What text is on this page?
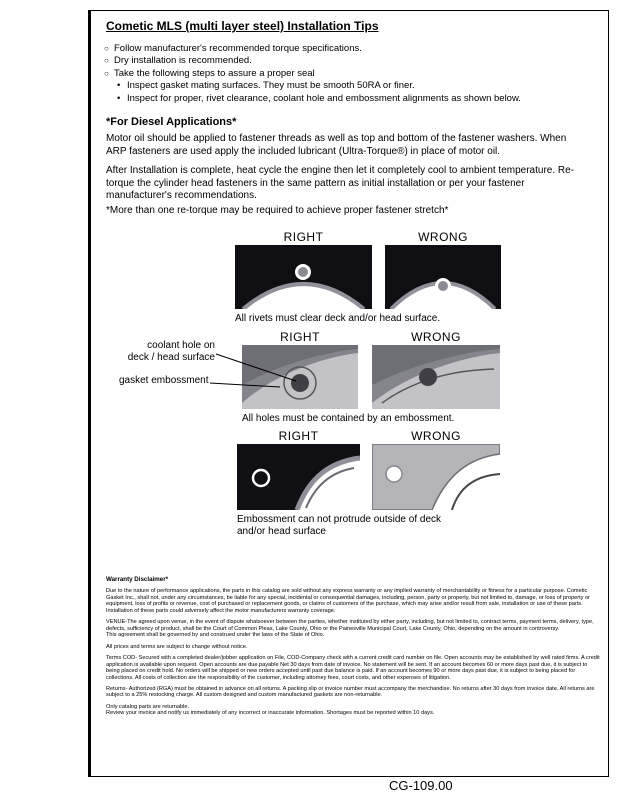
Cometic MLS (multi layer steel) Installation Tips
○ Follow manufacturer's recommended torque specifications.
○ Dry installation is recommended.
○ Take the following steps to assure a proper seal
• Inspect gasket mating surfaces. They must be smooth 50RA or finer.
• Inspect for proper, rivet clearance, coolant hole and embossment alignments as shown below.
*For Diesel Applications*
Motor oil should be applied to fastener threads as well as top and bottom of the fastener washers. When ARP fasteners are used apply the included lubricant (Ultra-Torque®) in place of motor oil.
After Installation is complete, heat cycle the engine then let it completely cool to ambient temperature. Re-torque the cylinder head fasteners in the same pattern as initial installation or per your fastener manufacturer's recommendations.
*More than one re-torque may be required to achieve proper fastener stretch*
RIGHT	WRONG
All rivets must clear deck and/or head surface.
RIGHT	WRONG
All holes must be contained by an embossment.
coolant hole on
deck / head surface
gasket embossment
RIGHT	WRONG
Embossment can not protrude outside of deck
and/or head surface
Warranty Disclaimer*
Due to the nature of performance applications, the parts in this catalog are sold without any express warranty or any implied warranty of merchantability or fitness for a particular purpose. Cometic Gasket Inc., shall not, under any circumstances, be liable for any special, incidental or consequential damages, including, person, party or property, but not limited to, damage, or loss of property or equipment, loss of profits or revenue, cost of purchased or replacement goods, or claims of customers of the purchase, which may arise and/or result from sale, installation or use of these parts. Installation of these parts could adversely affect the motor manufacturers warranty coverage.
VENUE-The agreed upon venue, in the event of dispute whatsoever between the parties, whether instituted by either party, including, but not limited to, contract terms, payment terms, delivery, type, defects, sufficiency of product, shall be the Court of Common Pleas, Lake County, Ohio or the Painesville Municipal Court, Lake County, Ohio, depending on the amount in controversy.
This agreement shall be governed by and construed under the laws of the State of Ohio.
All prices and terms are subject to change without notice.
Terms COD- Secured with a completed dealer/jobber application on File, COD-Company check with a current credit card number on file. Open accounts may be established by well rated firms. A credit application is available upon request. Open accounts are due payable Net 30 days from date of invoice. No statement will be sent. If an account becomes 60 or more days past due, it is subject to being placed on credit hold. No orders will be shipped or new orders accepted until past due balance is paid. If an account becomes 90 or more days past due, it is subject to being placed for collections. All costs of collection are the responsibility of the customer, including attorney fees, court costs, and other expenses of litigation.
Returns- Authorized (RGA) must be obtained in advance on all returns. A packing slip or invoice number must accompany the merchandise. No returns after 30 days from invoice date. All returns are subject to a 25% restocking charge. All custom designed and custom manufactured gaskets are non-returnable.
Only catalog parts are returnable.
Review your invoice and notify us immediately of any incorrect or inaccurate information. Shortages must be reported within 10 days.
CG-109.00
